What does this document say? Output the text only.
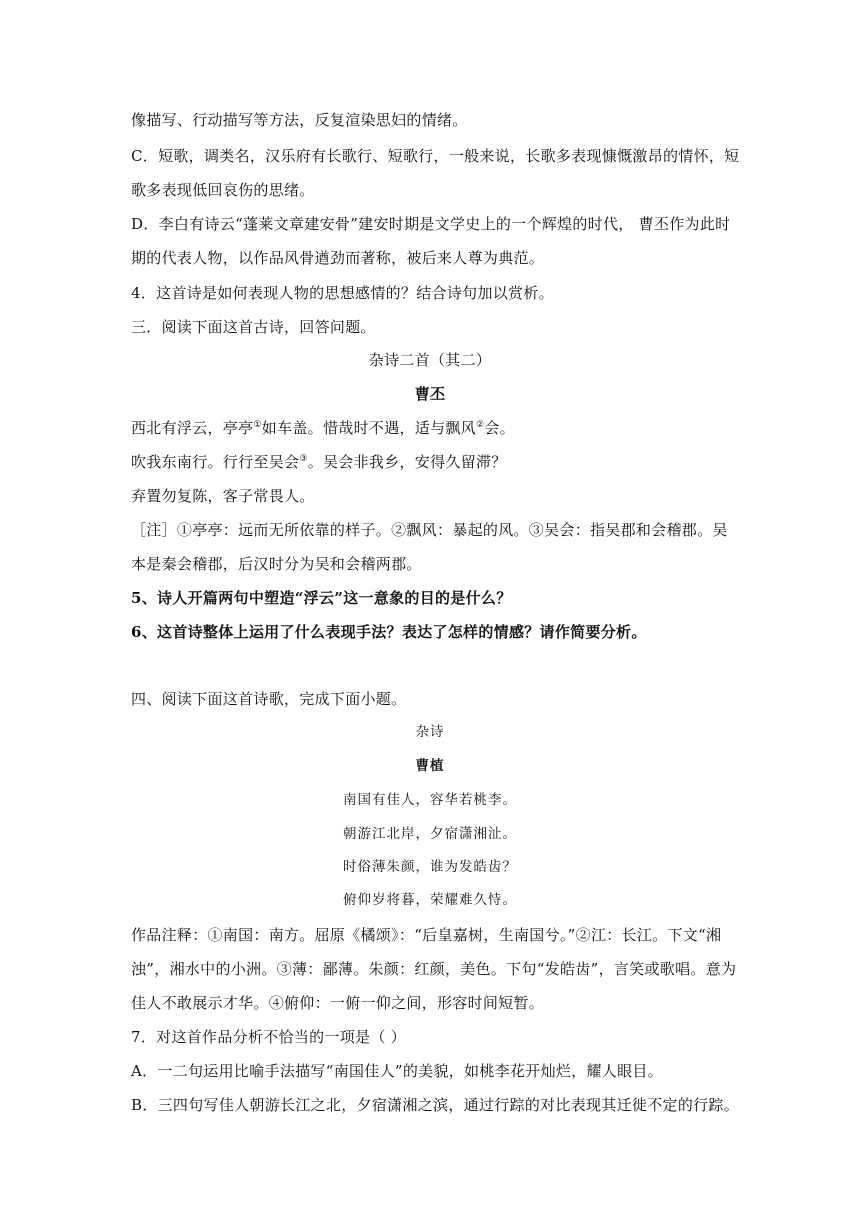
像描写、行动描写等方法，反复渲染思妇的情绪。
C．短歌，调类名，汉乐府有长歌行、短歌行，一般来说，长歌多表现慷慨激昂的情怀，短
歌多表现低回哀伤的思绪。
D．李白有诗云“蓬莱文章建安骨”建安时期是文学史上的一个辉煌的时代， 曹丕作为此时
期的代表人物，以作品风骨遒劲而著称，被后来人尊为典范。
4．这首诗是如何表现人物的思想感情的？结合诗句加以赏析。
三．阅读下面这首古诗，回答问题。
杂诗二首（其二）
曹丕
西北有浮云，亭亭①如车盖。惜哉时不遇，适与飘风②会。
吹我东南行。行行至吴会③。吴会非我乡，安得久留滞？
弃置勿复陈，客子常畏人。
［注］①亭亭：远而无所依靠的样子。②飘风：暴起的风。③吴会：指吴郡和会稽郡。吴
本是秦会稽郡，后汉时分为吴和会稽两郡。
5、诗人开篇两句中塑造“浮云”这一意象的目的是什么？
6、这首诗整体上运用了什么表现手法？表达了怎样的情感？请作简要分析。
四、阅读下面这首诗歌，完成下面小题。
杂诗
曹植
南国有佳人，容华若桃李。
朝游江北岸，夕宿潇湘沚。
时俗薄朱颜，谁为发皓齿？
俯仰岁将暮，荣耀难久恃。
作品注释：①南国：南方。屈原《橘颂》：“后皇嘉树，生南国兮。”②江：长江。下文“湘
浊”，湘水中的小洲。③薄：鄙薄。朱颜：红颜，美色。下句“发皓齿”，言笑或歌唱。意为
佳人不敢展示才华。④俯仰：一俯一仰之间，形容时间短暂。
7．对这首作品分析不恰当的一项是（ ）
A．一二句运用比喻手法描写“南国佳人”的美貌，如桃李花开灿烂，耀人眼目。
B．三四句写佳人朝游长江之北，夕宿潇湘之滨，通过行踪的对比表现其迁徙不定的行踪。
